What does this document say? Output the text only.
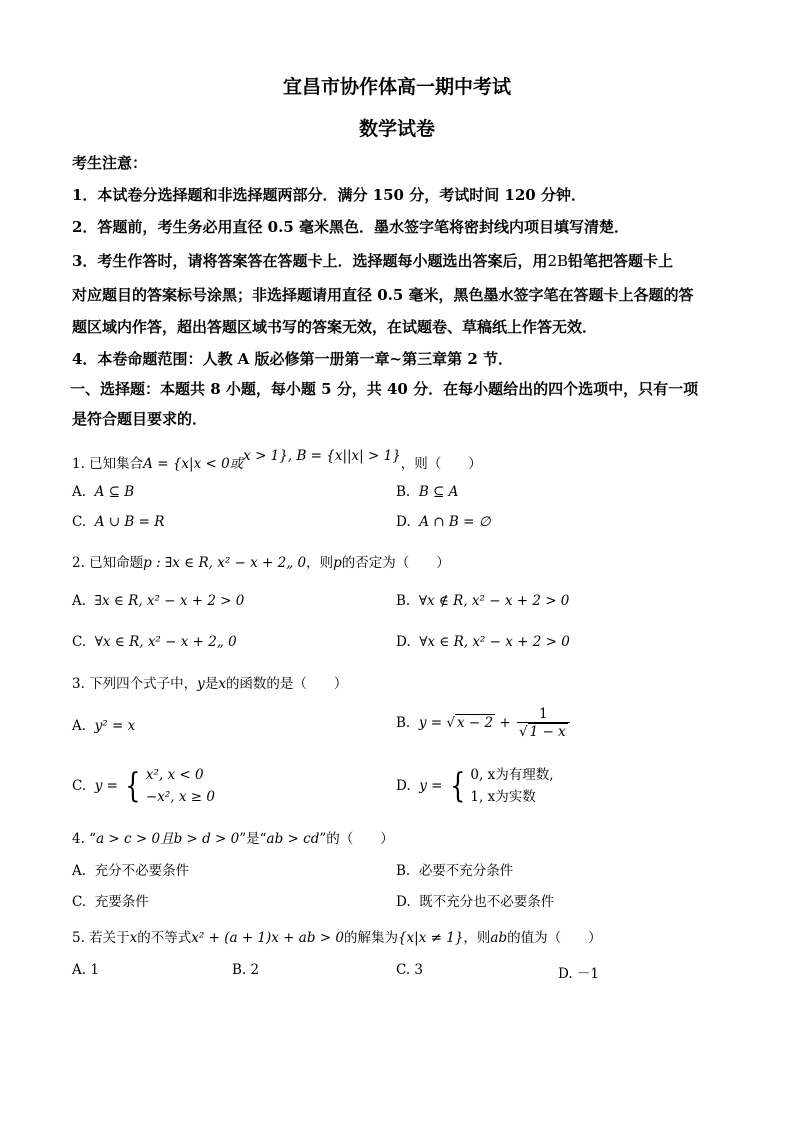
宜昌市协作体高一期中考试
数学试卷
考生注意：
1．本试卷分选择题和非选择题两部分．满分 150 分，考试时间 120 分钟．
2．答题前，考生务必用直径 0.5 毫米黑色．墨水签字笔将密封线内项目填写清楚．
3．考生作答时，请将答案答在答题卡上．选择题每小题选出答案后，用2B铅笔把答题卡上
对应题目的答案标号涂黑；非选择题请用直径 0.5 毫米，黑色墨水签字笔在答题卡上各题的答
题区域内作答，超出答题区域书写的答案无效，在试题卷、草稿纸上作答无效．
4．本卷命题范围：人教 A 版必修第一册第一章~第三章第 2 节．
一、选择题：本题共 8 小题，每小题 5 分，共 40 分．在每小题给出的四个选项中，只有一项
是符合题目要求的．
1. 已知集合A = {x|x < 0或x > 1}, B = {x||x| > 1}，则（　　）
A. A ⊆ B	B. B ⊆ A
C. A ∪ B = R	D. A ∩ B = ∅
2. 已知命题p : ∃x ∈ R, x² − x + 2„ 0，则p的否定为（　　）
A. ∃x ∈ R, x² − x + 2 > 0	B. ∀x ∉ R, x² − x + 2 > 0
C. ∀x ∈ R, x² − x + 2„ 0	D. ∀x ∈ R, x² − x + 2 > 0
3. 下列四个式子中，y是x的函数的是（　　）
A. y² = x	B. y = √ $x - 2 + \frac{1}{√ 1 - x}$
C. y = { x², x < 0
−x², x ≥ 0
D. y = { 0, x为有理数,
1, x为实数
4. “a > c > 0且b > d > 0”是“ab > cd”的（　　）
A. 充分不必要条件	B. 必要不充分条件
C. 充要条件	D. 既不充分也不必要条件
5. 若关于x的不等式x² + (a + 1)x + ab > 0的解集为{x|x ≠ 1}，则ab的值为（　　）
A. 1	B. 2	C. 3	D. －1
